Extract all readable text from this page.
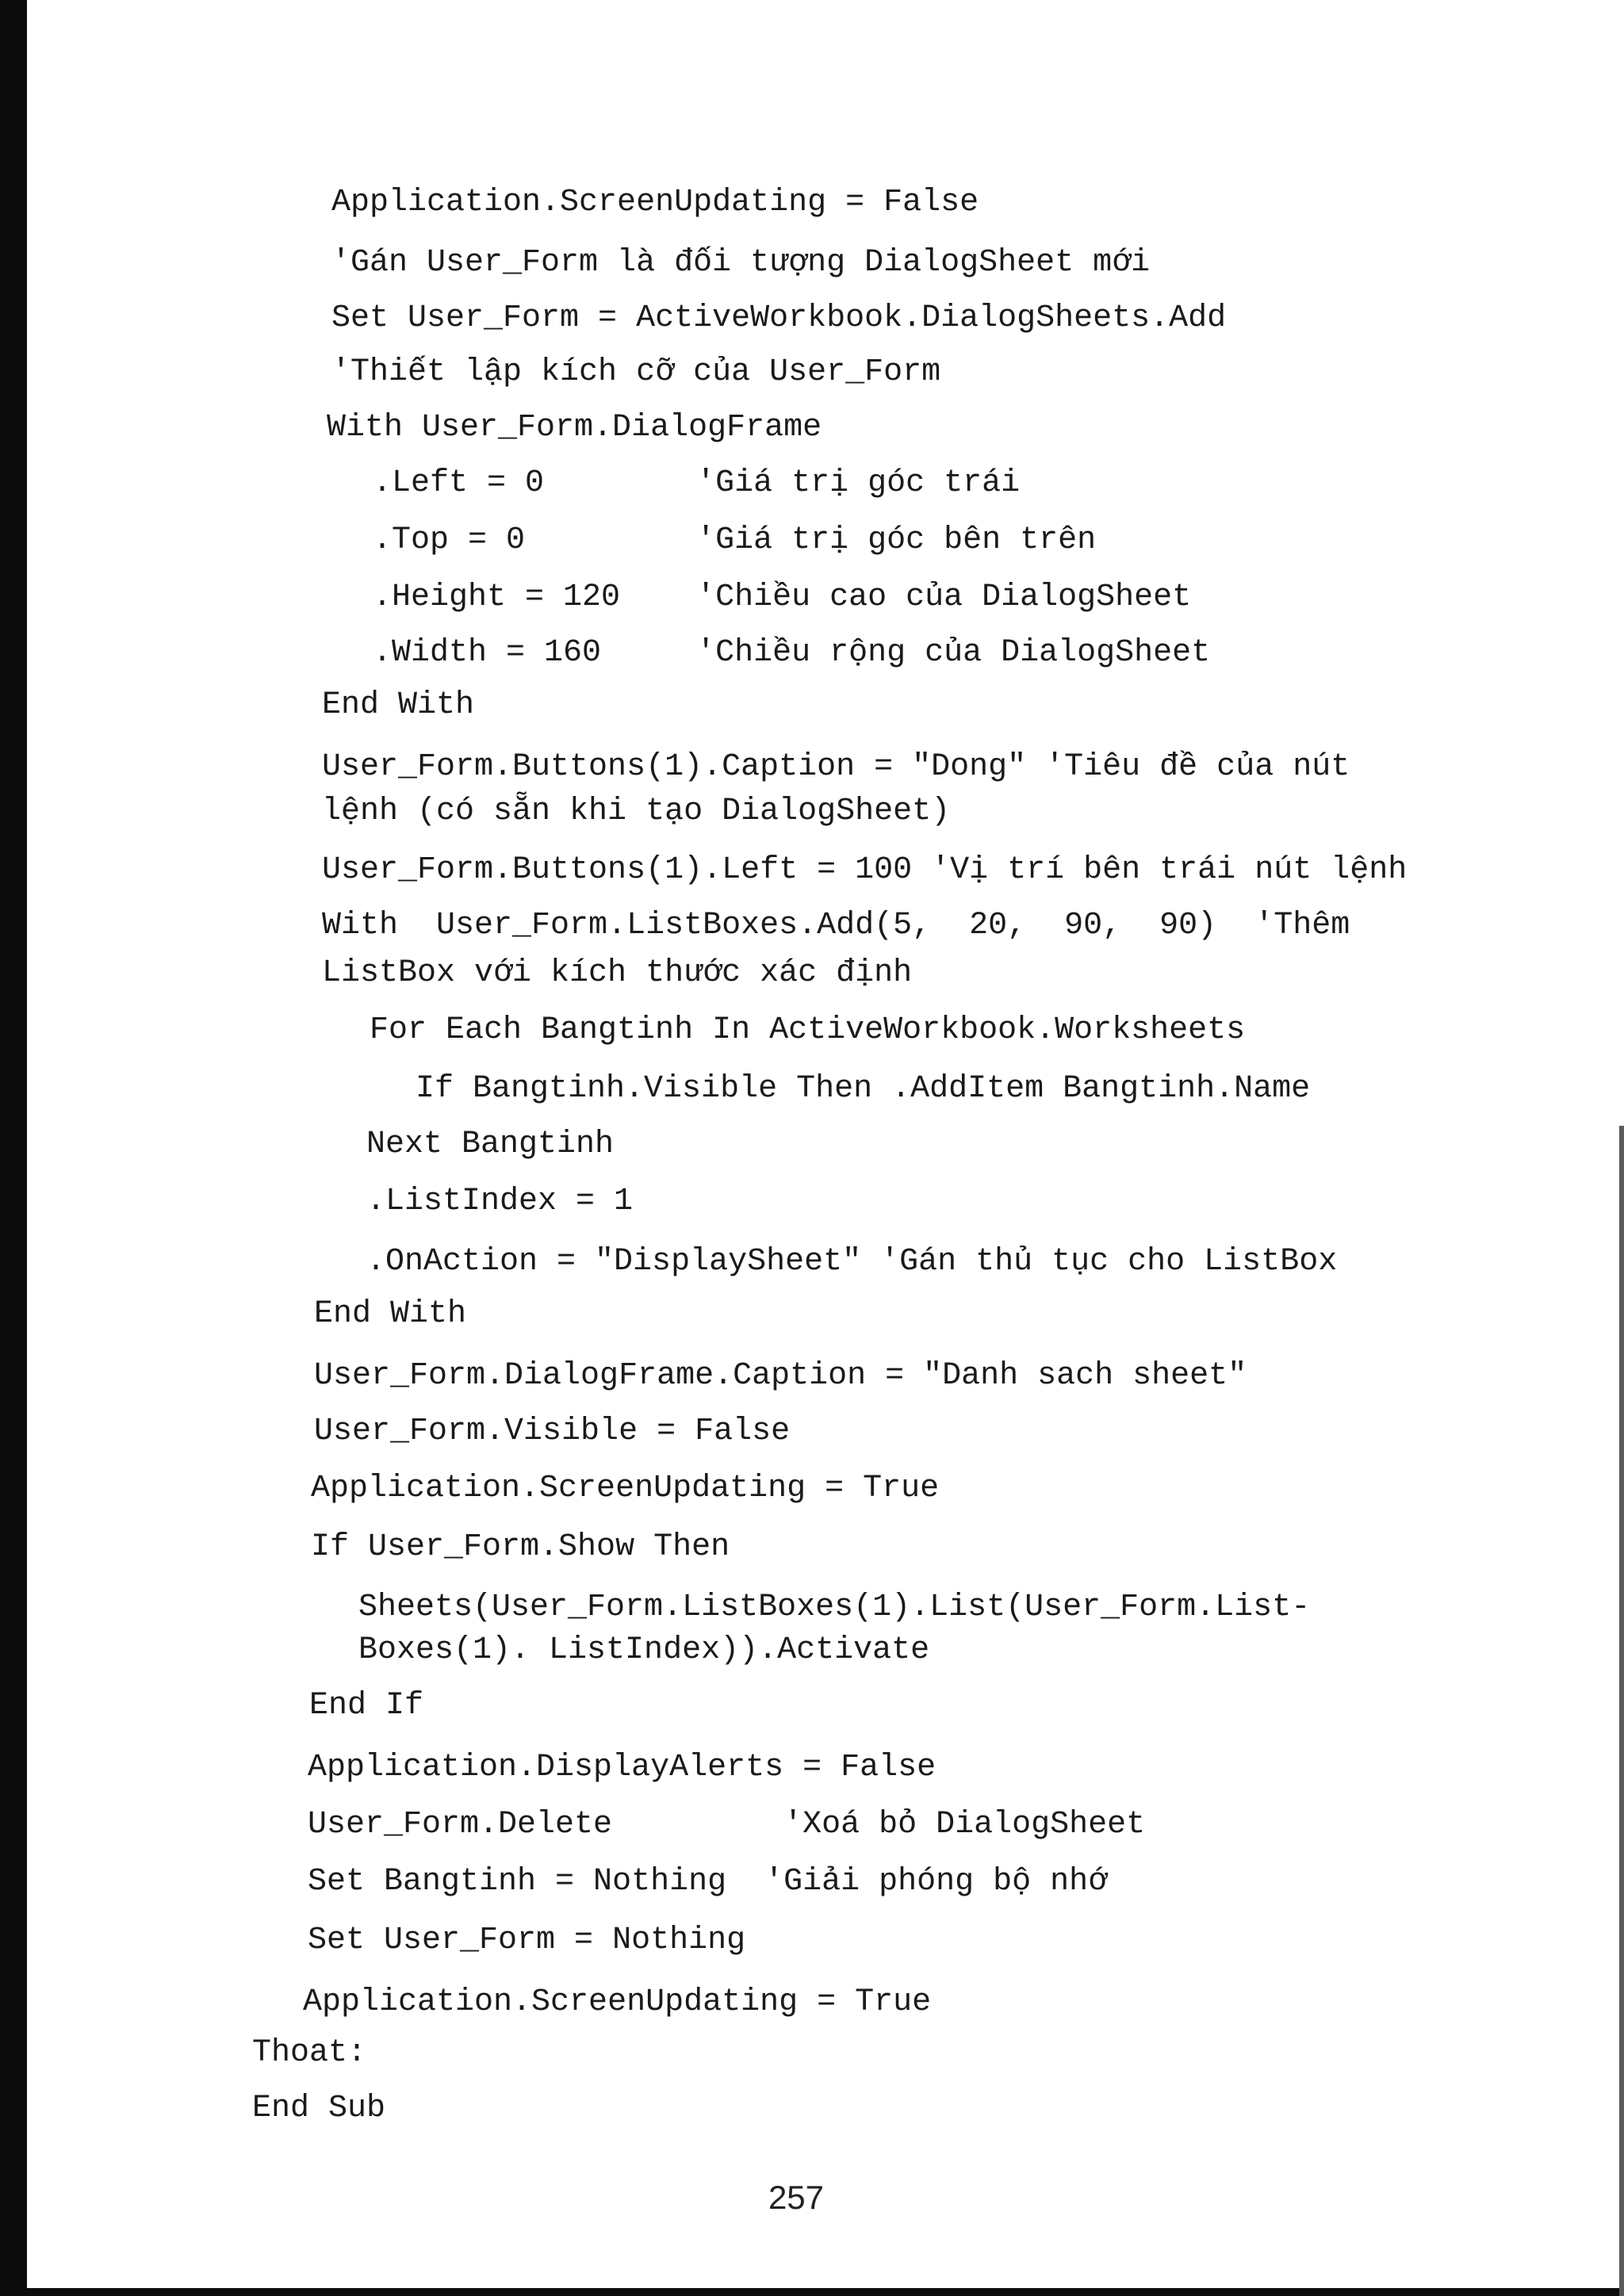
Application.ScreenUpdating = False
'Gán User_Form là đối tượng DialogSheet mới
Set User_Form = ActiveWorkbook.DialogSheets.Add
'Thiết lập kích cỡ của User_Form
With User_Form.DialogFrame
.Left = 0        'Giá trị góc trái
.Top = 0         'Giá trị góc bên trên
.Height = 120    'Chiều cao của DialogSheet
.Width = 160     'Chiều rộng của DialogSheet
End With
User_Form.Buttons(1).Caption = "Dong" 'Tiêu đề của nút
lệnh (có sẵn khi tạo DialogSheet)
User_Form.Buttons(1).Left = 100 'Vị trí bên trái nút lệnh
With  User_Form.ListBoxes.Add(5,  20,  90,  90)  'Thêm
ListBox với kích thước xác định
For Each Bangtinh In ActiveWorkbook.Worksheets
If Bangtinh.Visible Then .AddItem Bangtinh.Name
Next Bangtinh
.ListIndex = 1
.OnAction = "DisplaySheet" 'Gán thủ tục cho ListBox
End With
User_Form.DialogFrame.Caption = "Danh sach sheet"
User_Form.Visible = False
Application.ScreenUpdating = True
If User_Form.Show Then
Sheets(User_Form.ListBoxes(1).List(User_Form.List-
Boxes(1). ListIndex)).Activate
End If
Application.DisplayAlerts = False
User_Form.Delete         'Xoá bỏ DialogSheet
Set Bangtinh = Nothing  'Giải phóng bộ nhớ
Set User_Form = Nothing
Application.ScreenUpdating = True
Thoat:
End Sub
257
